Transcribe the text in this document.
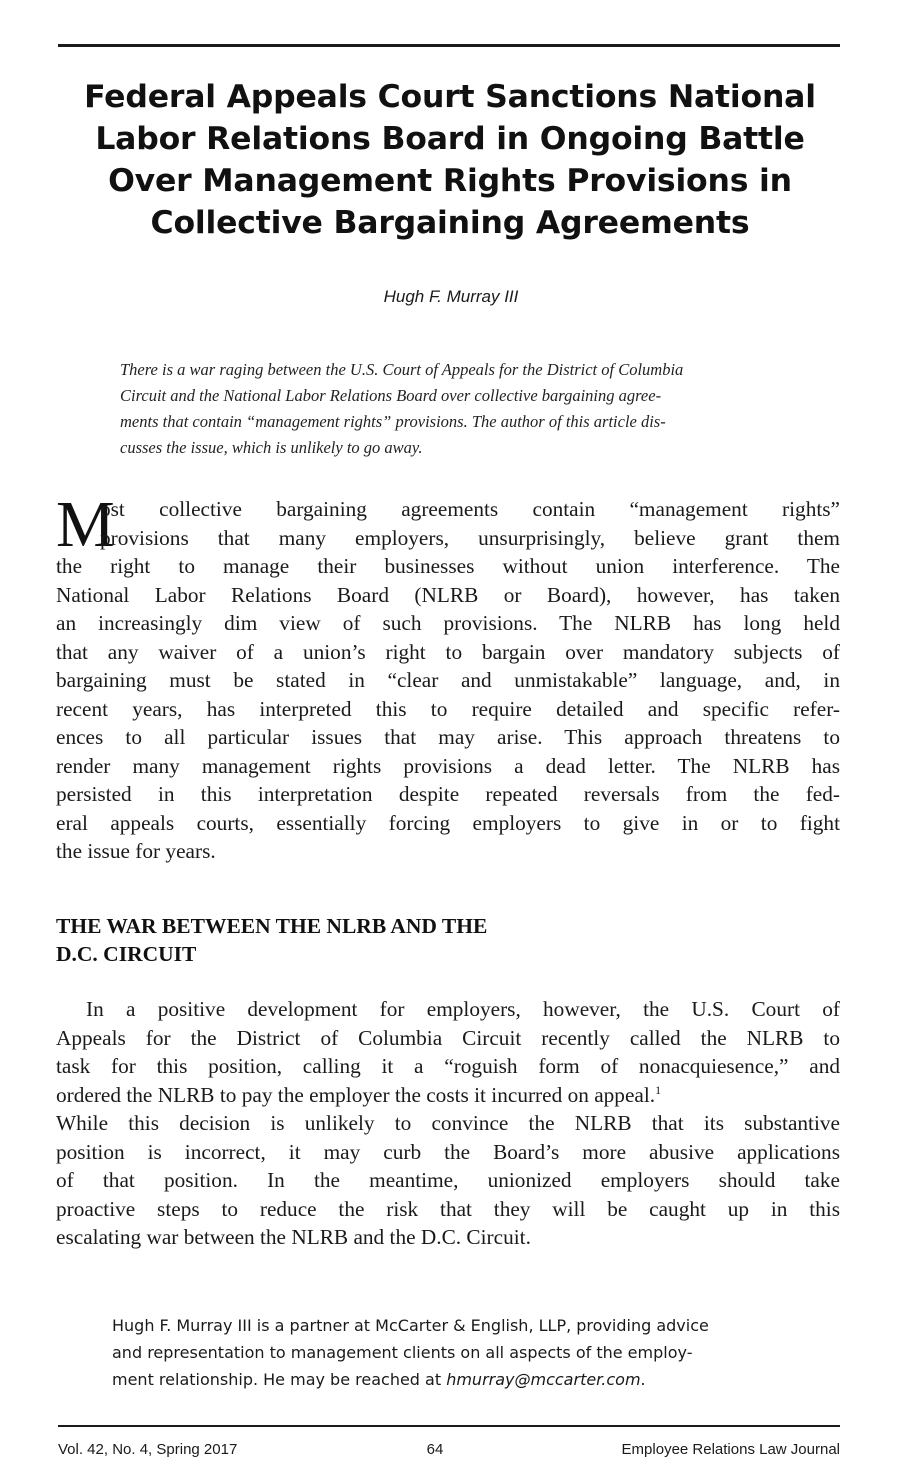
Federal Appeals Court Sanctions National
Labor Relations Board in Ongoing Battle
Over Management Rights Provisions in
Collective Bargaining Agreements
Hugh F. Murray III
There is a war raging between the U.S. Court of Appeals for the District of Columbia
Circuit and the National Labor Relations Board over collective bargaining agree-
ments that contain “management rights” provisions. The author of this article dis-
cusses the issue, which is unlikely to go away.
M
ost collective bargaining agreements contain “management rights”
provisions that many employers, unsurprisingly, believe grant them
the right to manage their businesses without union interference. The
National Labor Relations Board (NLRB or Board), however, has taken
an increasingly dim view of such provisions. The NLRB has long held
that any waiver of a union’s right to bargain over mandatory subjects of
bargaining must be stated in “clear and unmistakable” language, and, in
recent years, has interpreted this to require detailed and specific refer-
ences to all particular issues that may arise. This approach threatens to
render many management rights provisions a dead letter. The NLRB has
persisted in this interpretation despite repeated reversals from the fed-
eral appeals courts, essentially forcing employers to give in or to fight
the issue for years.
THE WAR BETWEEN THE NLRB AND THE
D.C. CIRCUIT
In a positive development for employers, however, the U.S. Court of
Appeals for the District of Columbia Circuit recently called the NLRB to
task for this position, calling it a “roguish form of nonacquiesence,” and
ordered the NLRB to pay the employer the costs it incurred on appeal.$^1$
While this decision is unlikely to convince the NLRB that its substantive
position is incorrect, it may curb the Board’s more abusive applications
of that position. In the meantime, unionized employers should take
proactive steps to reduce the risk that they will be caught up in this
escalating war between the NLRB and the D.C. Circuit.
Hugh F. Murray III is a partner at McCarter & English, LLP, providing advice
and representation to management clients on all aspects of the employ-
ment relationship. He may be reached at hmurray@mccarter.com.
Vol. 42, No. 4, Spring 2017	64	Employee Relations Law Journal
